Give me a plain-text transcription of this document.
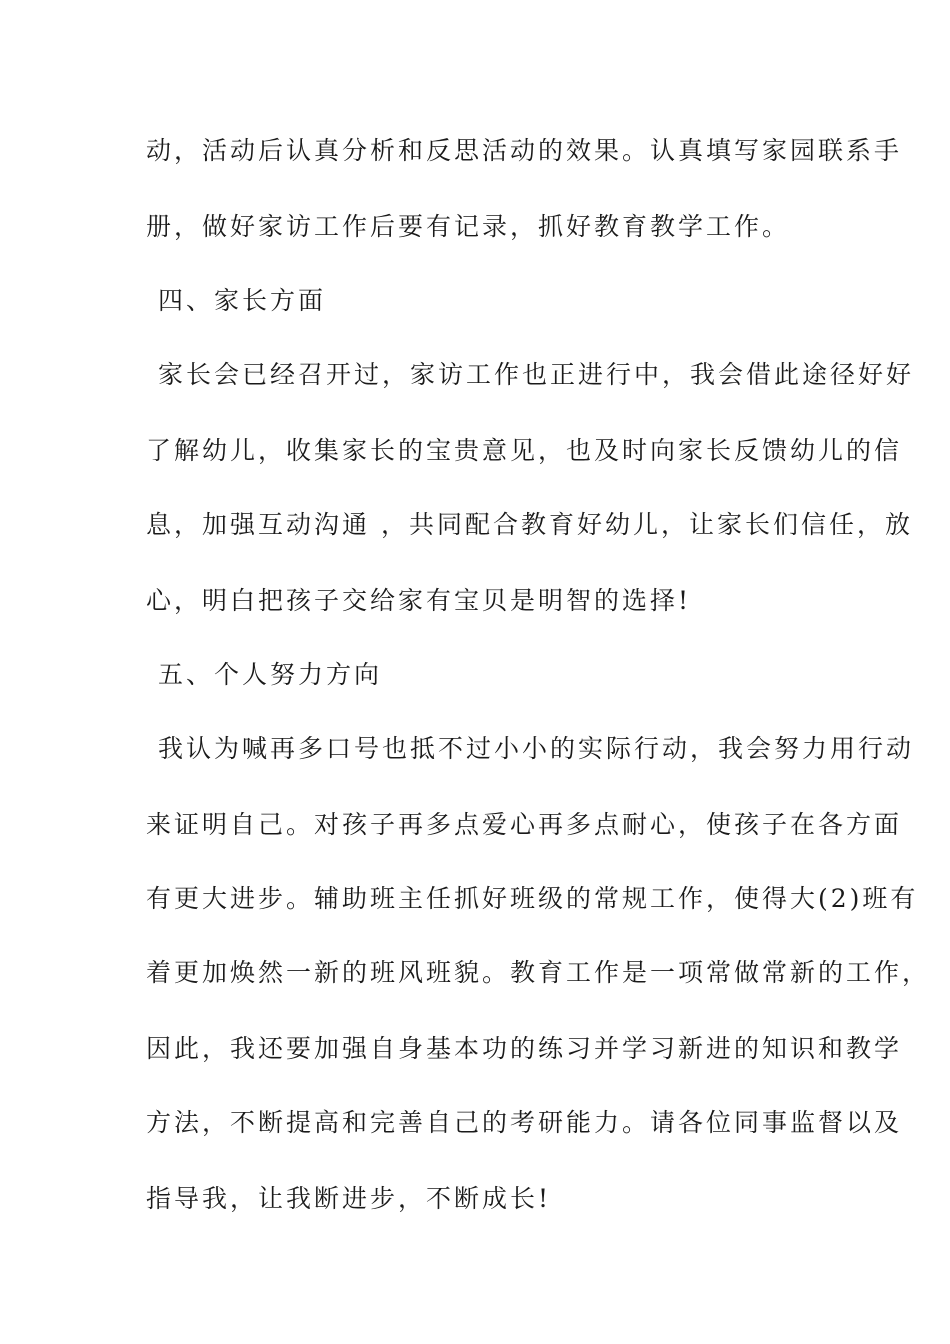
动，活动后认真分析和反思活动的效果。认真填写家园联系手
册，做好家访工作后要有记录，抓好教育教学工作。
四、家长方面
家长会已经召开过，家访工作也正进行中，我会借此途径好好
了解幼儿，收集家长的宝贵意见，也及时向家长反馈幼儿的信
息，加强互动沟通 ，共同配合教育好幼儿，让家长们信任，放
心，明白把孩子交给家有宝贝是明智的选择!
五、个人努力方向
我认为喊再多口号也抵不过小小的实际行动，我会努力用行动
来证明自己。对孩子再多点爱心再多点耐心，使孩子在各方面
有更大进步。辅助班主任抓好班级的常规工作，使得大(2)班有
着更加焕然一新的班风班貌。教育工作是一项常做常新的工作，
因此，我还要加强自身基本功的练习并学习新进的知识和教学
方法，不断提高和完善自己的考研能力。请各位同事监督以及
指导我，让我断进步，不断成长!
